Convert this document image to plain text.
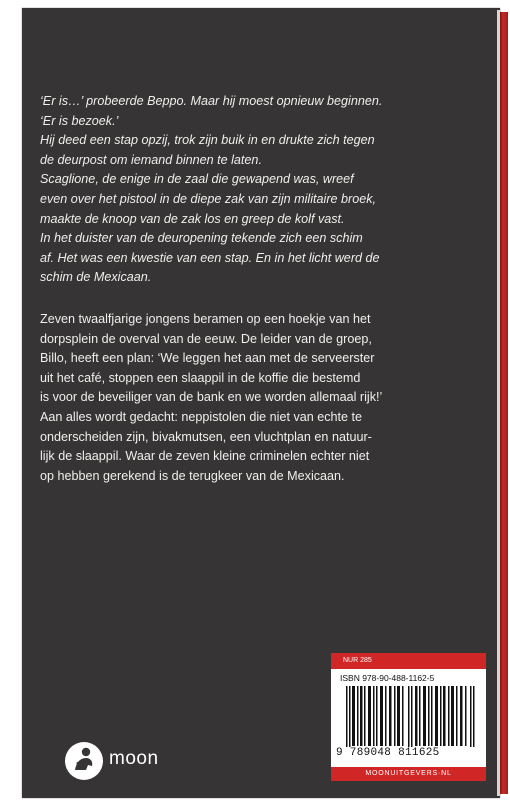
‘Er is…’ probeerde Beppo. Maar hij moest opnieuw beginnen.

‘Er is bezoek.’

Hij deed een stap opzij, trok zijn buik in en drukte zich tegen

de deurpost om iemand binnen te laten.

Scaglione, de enige in de zaal die gewapend was, wreef

even over het pistool in de diepe zak van zijn militaire broek,

maakte de knoop van de zak los en greep de kolf vast.

In het duister van de deuropening tekende zich een schim

af. Het was een kwestie van een stap. En in het licht werd de

schim de Mexicaan.

Zeven twaalfjarige jongens beramen op een hoekje van het

dorpsplein de overval van de eeuw. De leider van de groep,

Billo, heeft een plan: ‘We leggen het aan met de serveerster

uit het café, stoppen een slaappil in de koffie die bestemd

is voor de beveiliger van de bank en we worden allemaal rijk!’

Aan alles wordt gedacht: neppistolen die niet van echte te

onderscheiden zijn, bivakmutsen, een vluchtplan en natuur-

lijk de slaappil. Waar de zeven kleine criminelen echter niet

op hebben gerekend is de terugkeer van de Mexicaan.

moon
NUR 285
ISBN 978-90-488-1162-5
9 789048 811625
MOONUITGEVERS·NL
